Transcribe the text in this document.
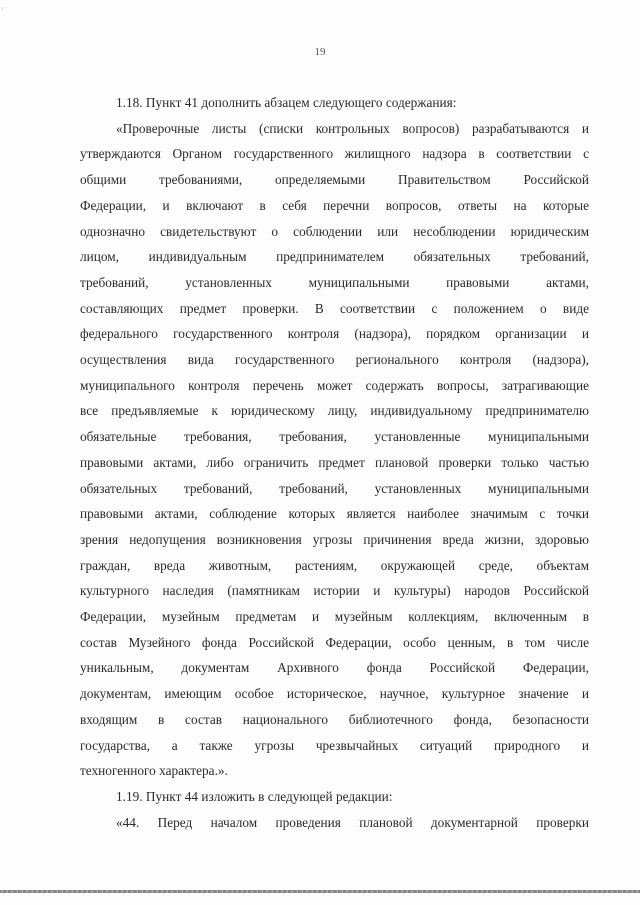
'
19
1.18. Пункт 41 дополнить абзацем следующего содержания:
«Проверочные листы (списки контрольных вопросов) разрабатываются и
утверждаются Органом государственного жилищного надзора в соответствии с
общими требованиями, определяемыми Правительством Российской
Федерации, и включают в себя перечни вопросов, ответы на которые
однозначно свидетельствуют о соблюдении или несоблюдении юридическим
лицом, индивидуальным предпринимателем обязательных требований,
требований, установленных муниципальными правовыми актами,
составляющих предмет проверки. В соответствии с положением о виде
федерального государственного контроля (надзора), порядком организации и
осуществления вида государственного регионального контроля (надзора),
муниципального контроля перечень может содержать вопросы, затрагивающие
все предъявляемые к юридическому лицу, индивидуальному предпринимателю
обязательные требования, требования, установленные муниципальными
правовыми актами, либо ограничить предмет плановой проверки только частью
обязательных требований, требований, установленных муниципальными
правовыми актами, соблюдение которых является наиболее значимым с точки
зрения недопущения возникновения угрозы причинения вреда жизни, здоровью
граждан, вреда животным, растениям, окружающей среде, объектам
культурного наследия (памятникам истории и культуры) народов Российской
Федерации, музейным предметам и музейным коллекциям, включенным в
состав Музейного фонда Российской Федерации, особо ценным, в том числе
уникальным, документам Архивного фонда Российской Федерации,
документам, имеющим особое историческое, научное, культурное значение и
входящим в состав национального библиотечного фонда, безопасности
государства, а также угрозы чрезвычайных ситуаций природного и
техногенного характера.».
1.19. Пункт 44 изложить в следующей редакции:
«44. Перед началом проведения плановой документарной проверки
